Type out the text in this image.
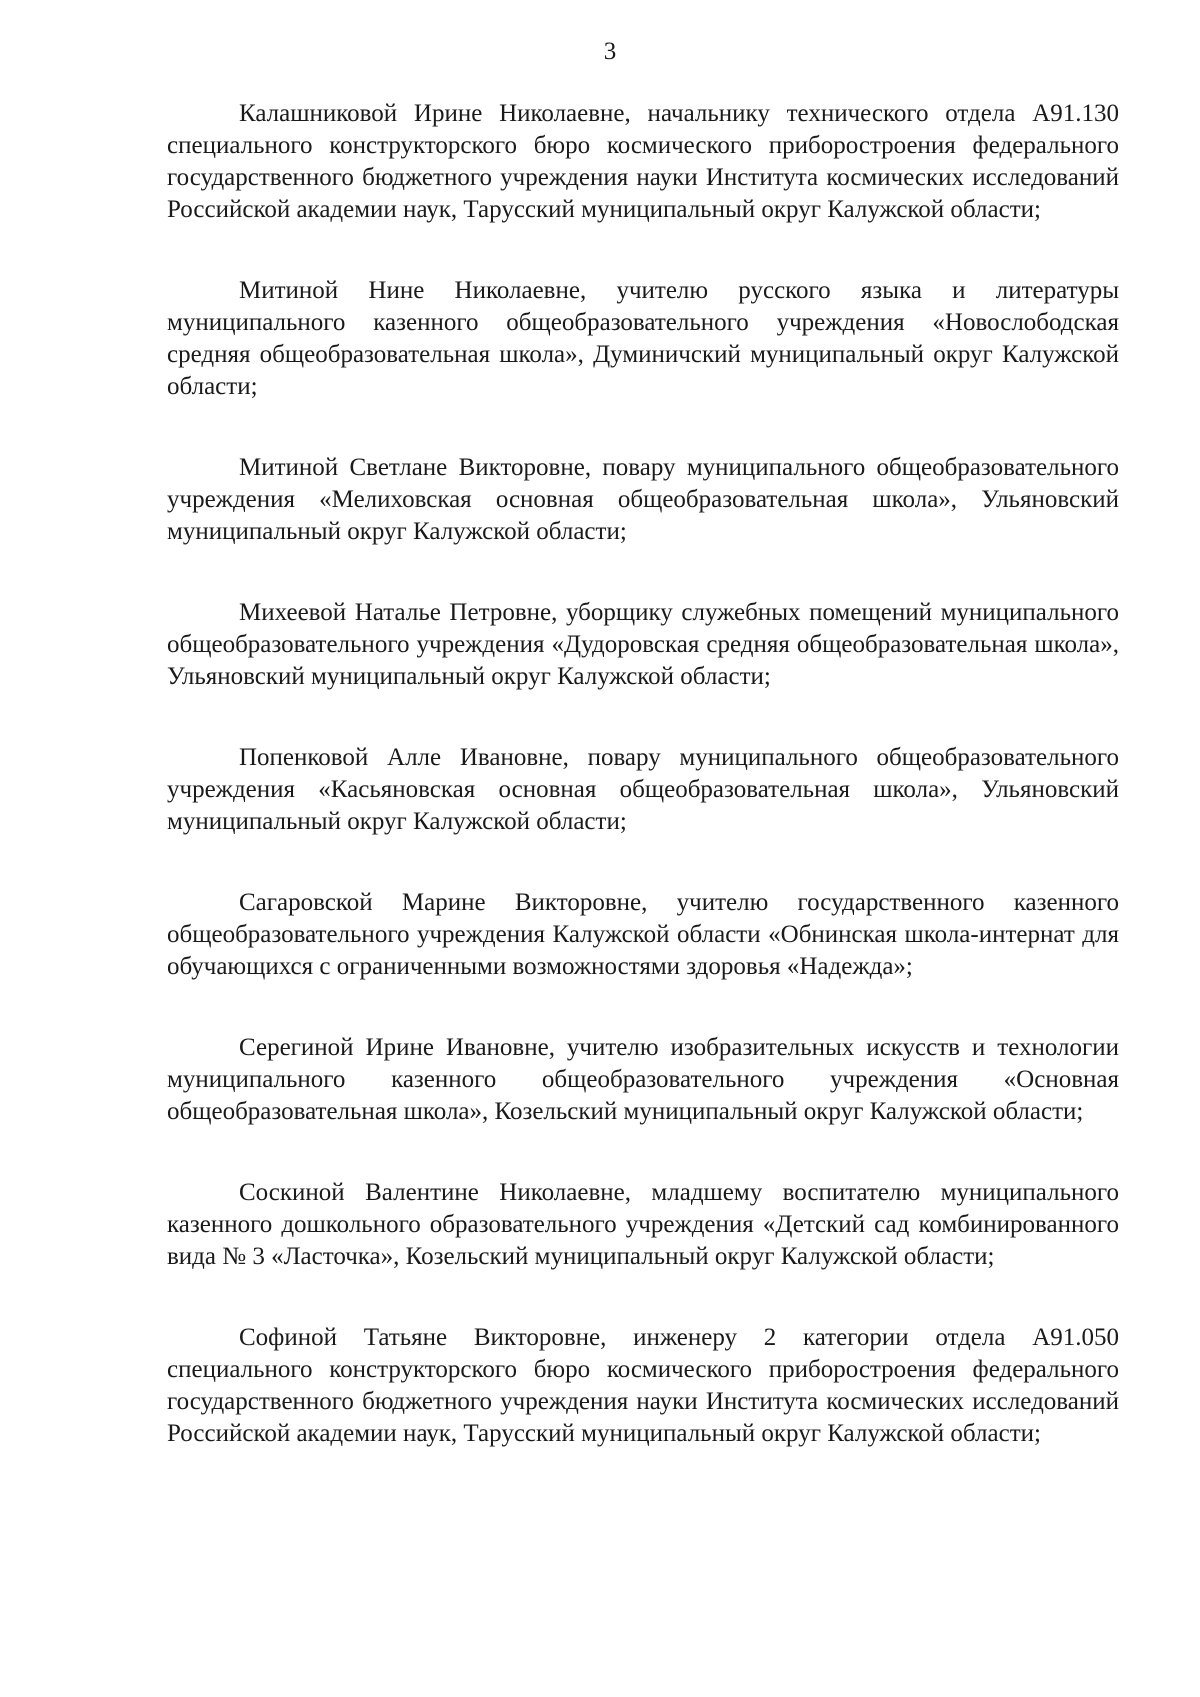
3

Калашниковой Ирине Николаевне, начальнику технического отдела А91.130 специального конструкторского бюро космического приборостроения федерального государственного бюджетного учреждения науки Института космических исследований Российской академии наук, Тарусский муниципальный округ Калужской области;

Митиной Нине Николаевне, учителю русского языка и литературы муниципального казенного общеобразовательного учреждения «Новослободская средняя общеобразовательная школа», Думиничский муниципальный округ Калужской области;

Митиной Светлане Викторовне, повару муниципального общеобразовательного учреждения «Мелиховская основная общеобразовательная школа», Ульяновский муниципальный округ Калужской области;

Михеевой Наталье Петровне, уборщику служебных помещений муниципального общеобразовательного учреждения «Дудоровская средняя общеобразовательная школа», Ульяновский муниципальный округ Калужской области;

Попенковой Алле Ивановне, повару муниципального общеобразовательного учреждения «Касьяновская основная общеобразовательная школа», Ульяновский муниципальный округ Калужской области;

Сагаровской Марине Викторовне, учителю государственного казенного общеобразовательного учреждения Калужской области «Обнинская школа-интернат для обучающихся с ограниченными возможностями здоровья «Надежда»;

Серегиной Ирине Ивановне, учителю изобразительных искусств и технологии муниципального казенного общеобразовательного учреждения «Основная общеобразовательная школа», Козельский муниципальный округ Калужской области;

Соскиной Валентине Николаевне, младшему воспитателю муниципального казенного дошкольного образовательного учреждения «Детский сад комбинированного вида № 3 «Ласточка», Козельский муниципальный округ Калужской области;

Софиной Татьяне Викторовне, инженеру 2 категории отдела А91.050 специального конструкторского бюро космического приборостроения федерального государственного бюджетного учреждения науки Института космических исследований Российской академии наук, Тарусский муниципальный округ Калужской области;
